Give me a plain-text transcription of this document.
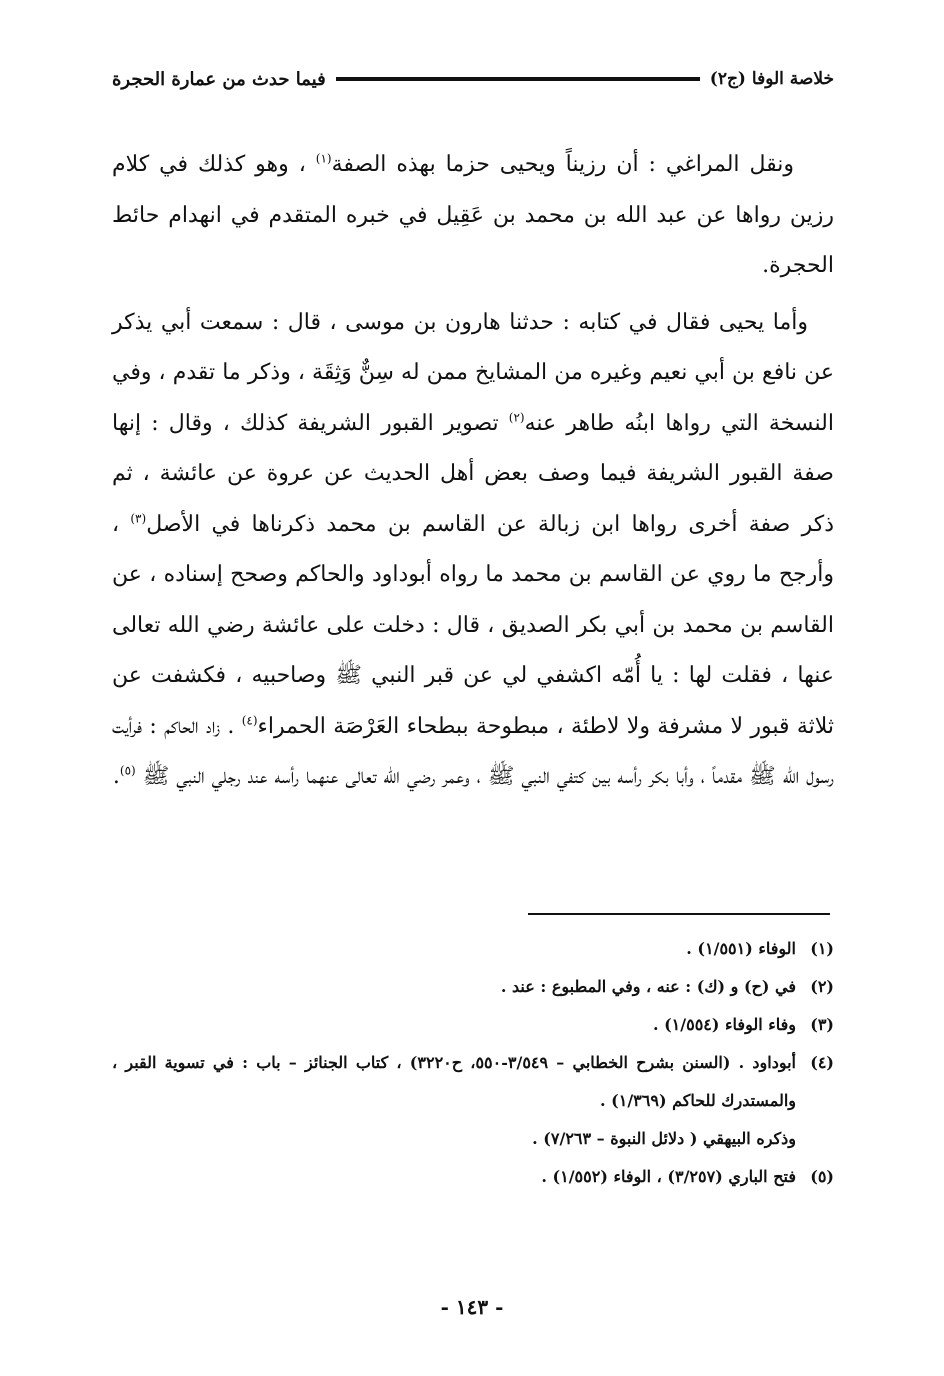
خلاصة الوفا (ج٢)
فيما حدث من عمارة الحجرة

ونقل المراغي : أن رزيناً ويحيى حزما بهذه الصفة$^{(١)}$ ، وهو كذلك في كلام رزين رواها عن عبد الله بن محمد بن عَقِيل في خبره المتقدم في انهدام حائط الحجرة.

وأما يحيى فقال في كتابه : حدثنا هارون بن موسى ، قال : سمعت أبي يذكر عن نافع بن أبي نعيم وغيره من المشايخ ممن له سِنٌّ وَثِقَة ، وذكر ما تقدم ، وفي النسخة التي رواها ابنُه طاهر عنه$^{(٢)}$ تصوير القبور الشريفة كذلك ، وقال : إنها صفة القبور الشريفة فيما وصف بعض أهل الحديث عن عروة عن عائشة ، ثم ذكر صفة أخرى رواها ابن زبالة عن القاسم بن محمد ذكرناها في الأصل$^{(٣)}$ ، وأرجح ما روي عن القاسم بن محمد ما رواه أبوداود والحاكم وصحح إسناده ، عن القاسم بن محمد بن أبي بكر الصديق ، قال : دخلت على عائشة رضي الله تعالى عنها ، فقلت لها : يا أُمّه اكشفي لي عن قبر النبي ﷺ وصاحبيه ، فكشفت عن ثلاثة قبور لا مشرفة ولا لاطئة ، مبطوحة ببطحاء العَرْصَة الحمراء$^{(٤)}$ . زاد الحاكم : فرأيت رسول الله ﷺ مقدماً ، وأبا بكر رأسه بين كتفي النبي ﷺ ، وعمر رضي الله تعالى عنهما رأسه عند رجلي النبي ﷺ $^{(٥)}$.

(١)
الوفاء (١/٥٥١) .
(٢)
في (ح) و (ك) : عنه ، وفي المطبوع : عند .
(٣)
وفاء الوفاء (١/٥٥٤) .
(٤)
أبوداود . (السنن بشرح الخطابي – ٣/٥٤٩-٥٥٠، ح٣٢٢٠) ، كتاب الجنائز – باب : في تسوية القبر ، والمستدرك للحاكم (١/٣٦٩) .
وذكره البيهقي ( دلائل النبوة – ٧/٢٦٣) .
(٥)
فتح الباري (٣/٢٥٧) ، الوفاء (١/٥٥٢) .
- ١٤٣ -
